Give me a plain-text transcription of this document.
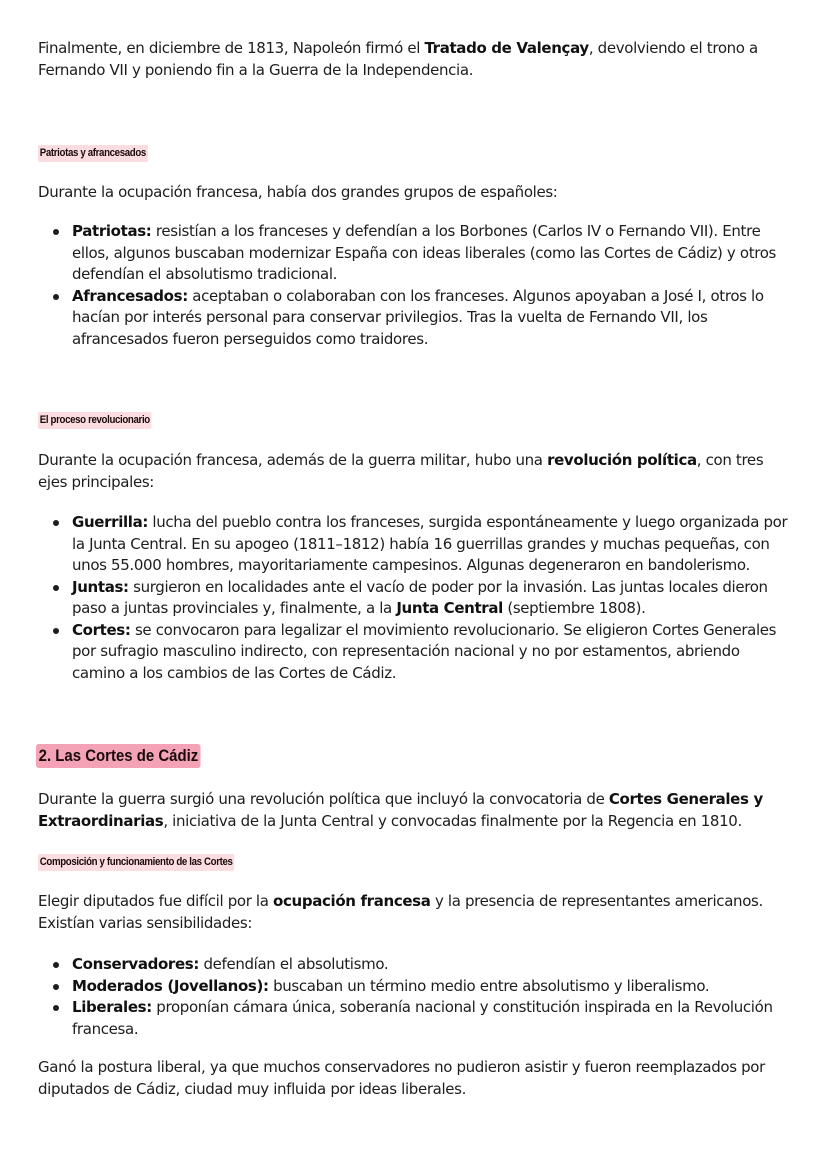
Finalmente, en diciembre de 1813, Napoleón firmó el Tratado de Valençay, devolviendo el trono a Fernando VII y poniendo fin a la Guerra de la Independencia.

Patriotas y afrancesados

Durante la ocupación francesa, había dos grandes grupos de españoles:

Patriotas: resistían a los franceses y defendían a los Borbones (Carlos IV o Fernando VII). Entre ellos, algunos buscaban modernizar España con ideas liberales (como las Cortes de Cádiz) y otros defendían el absolutismo tradicional.
Afrancesados: aceptaban o colaboraban con los franceses. Algunos apoyaban a José I, otros lo hacían por interés personal para conservar privilegios. Tras la vuelta de Fernando VII, los afrancesados fueron perseguidos como traidores.
El proceso revolucionario

Durante la ocupación francesa, además de la guerra militar, hubo una revolución política, con tres ejes principales:

Guerrilla: lucha del pueblo contra los franceses, surgida espontáneamente y luego organizada por la Junta Central. En su apogeo (1811–1812) había 16 guerrillas grandes y muchas pequeñas, con unos 55.000 hombres, mayoritariamente campesinos. Algunas degeneraron en bandolerismo.
Juntas: surgieron en localidades ante el vacío de poder por la invasión. Las juntas locales dieron paso a juntas provinciales y, finalmente, a la Junta Central (septiembre 1808).
Cortes: se convocaron para legalizar el movimiento revolucionario. Se eligieron Cortes Generales por sufragio masculino indirecto, con representación nacional y no por estamentos, abriendo camino a los cambios de las Cortes de Cádiz.
2. Las Cortes de Cádiz

Durante la guerra surgió una revolución política que incluyó la convocatoria de Cortes Generales y Extraordinarias, iniciativa de la Junta Central y convocadas finalmente por la Regencia en 1810.

Composición y funcionamiento de las Cortes

Elegir diputados fue difícil por la ocupación francesa y la presencia de representantes americanos. Existían varias sensibilidades:

Conservadores: defendían el absolutismo.
Moderados (Jovellanos): buscaban un término medio entre absolutismo y liberalismo.
Liberales: proponían cámara única, soberanía nacional y constitución inspirada en la Revolución francesa.

Ganó la postura liberal, ya que muchos conservadores no pudieron asistir y fueron reemplazados por diputados de Cádiz, ciudad muy influida por ideas liberales.
